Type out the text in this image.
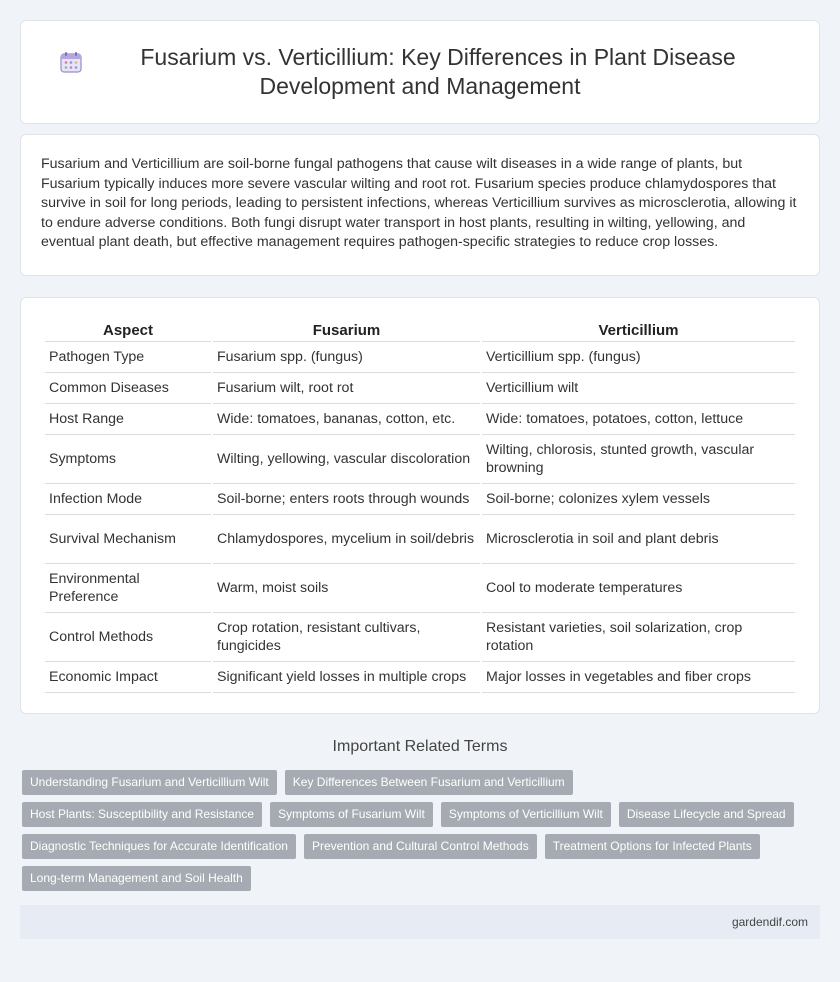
Fusarium vs. Verticillium: Key Differences in Plant Disease Development and Management

Fusarium and Verticillium are soil-borne fungal pathogens that cause wilt diseases in a wide range of plants, but Fusarium typically induces more severe vascular wilting and root rot. Fusarium species produce chlamydospores that survive in soil for long periods, leading to persistent infections, whereas Verticillium survives as microsclerotia, allowing it to endure adverse conditions. Both fungi disrupt water transport in host plants, resulting in wilting, yellowing, and eventual plant death, but effective management requires pathogen-specific strategies to reduce crop losses.

Aspect	Fusarium	Verticillium
Pathogen Type	Fusarium spp. (fungus)	Verticillium spp. (fungus)
Common Diseases	Fusarium wilt, root rot	Verticillium wilt
Host Range	Wide: tomatoes, bananas, cotton, etc.	Wide: tomatoes, potatoes, cotton, lettuce
Symptoms	Wilting, yellowing, vascular discoloration	Wilting, chlorosis, stunted growth, vascular browning
Infection Mode	Soil-borne; enters roots through wounds	Soil-borne; colonizes xylem vessels
Survival Mechanism	Chlamydospores, mycelium in soil/debris	Microsclerotia in soil and plant debris
Environmental Preference	Warm, moist soils	Cool to moderate temperatures
Control Methods	Crop rotation, resistant cultivars, fungicides	Resistant varieties, soil solarization, crop rotation
Economic Impact	Significant yield losses in multiple crops	Major losses in vegetables and fiber crops
Important Related Terms
Understanding Fusarium and Verticillium Wilt	Key Differences Between Fusarium and Verticillium
Host Plants: Susceptibility and Resistance	Symptoms of Fusarium Wilt	Symptoms of Verticillium Wilt	Disease Lifecycle and Spread
Diagnostic Techniques for Accurate Identification	Prevention and Cultural Control Methods	Treatment Options for Infected Plants
Long-term Management and Soil Health
gardendif.com
